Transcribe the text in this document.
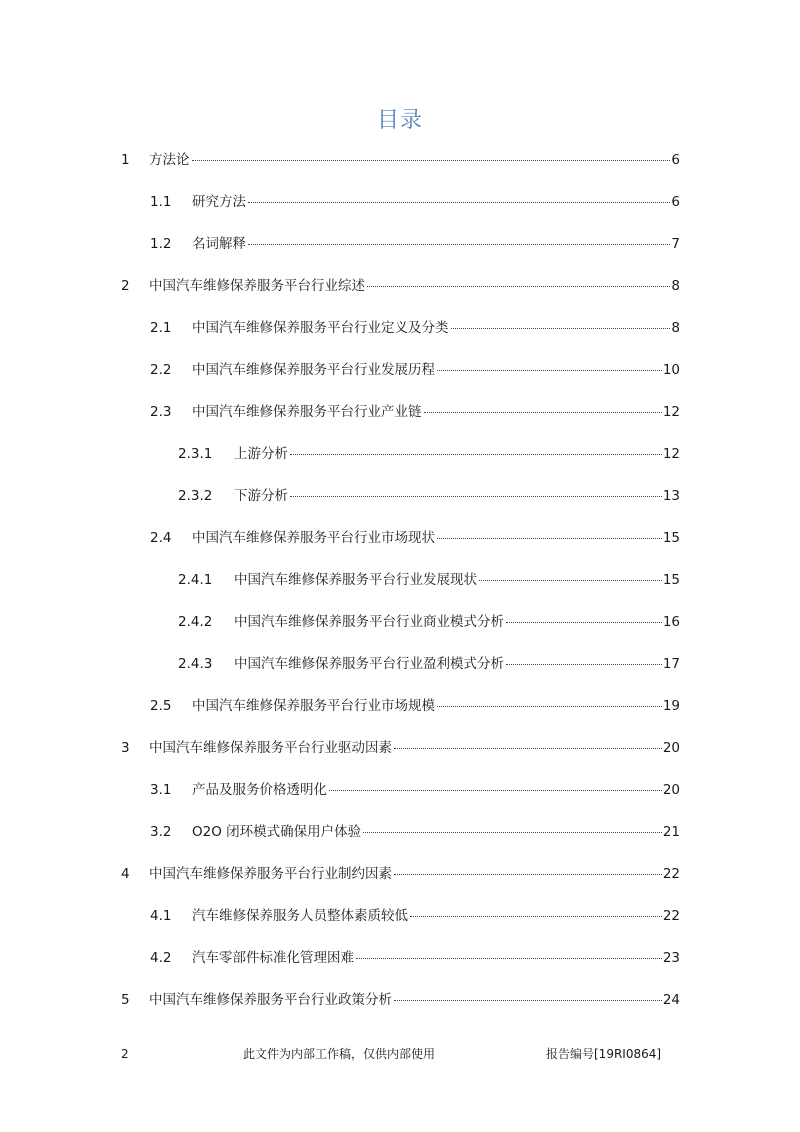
目录
1	方法论	6
1.1	研究方法	6
1.2	名词解释	7
2	中国汽车维修保养服务平台行业综述	8
2.1	中国汽车维修保养服务平台行业定义及分类	8
2.2	中国汽车维修保养服务平台行业发展历程	10
2.3	中国汽车维修保养服务平台行业产业链	12
2.3.1	上游分析	12
2.3.2	下游分析	13
2.4	中国汽车维修保养服务平台行业市场现状	15
2.4.1	中国汽车维修保养服务平台行业发展现状	15
2.4.2	中国汽车维修保养服务平台行业商业模式分析	16
2.4.3	中国汽车维修保养服务平台行业盈利模式分析	17
2.5	中国汽车维修保养服务平台行业市场规模	19
3	中国汽车维修保养服务平台行业驱动因素	20
3.1	产品及服务价格透明化	20
3.2	O2O 闭环模式确保用户体验	21
4	中国汽车维修保养服务平台行业制约因素	22
4.1	汽车维修保养服务人员整体素质较低	22
4.2	汽车零部件标准化管理困难	23
5	中国汽车维修保养服务平台行业政策分析	24
2	此文件为内部工作稿，仅供内部使用	报告编号[19RI0864]
